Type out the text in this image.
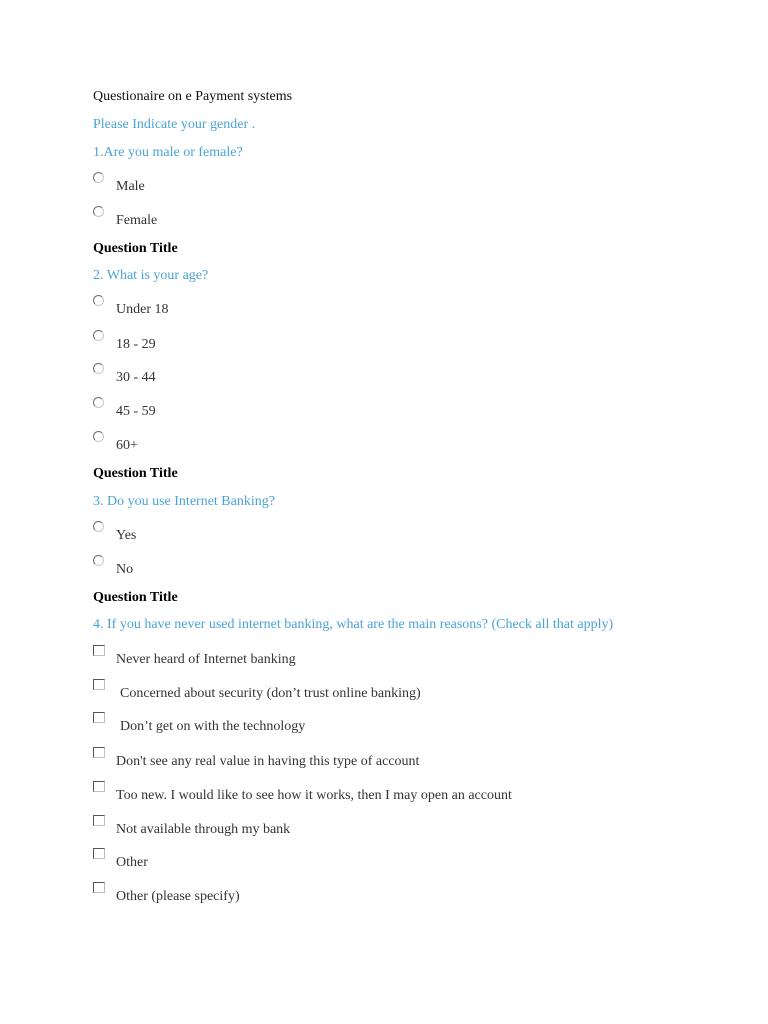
Questionaire on e Payment systems
Please Indicate your gender .
1.Are you male or female?
Male
Female
Question Title
2. What is your age?
Under 18
18 - 29
30 - 44
45 - 59
60+
Question Title
3. Do you use Internet Banking?
Yes
No
Question Title
4. If you have never used internet banking, what are the main reasons? (Check all that apply)
Never heard of Internet banking
Concerned about security (don’t trust online banking)
Don’t get on with the technology
Don't see any real value in having this type of account
Too new. I would like to see how it works, then I may open an account
Not available through my bank
Other
Other (please specify)
